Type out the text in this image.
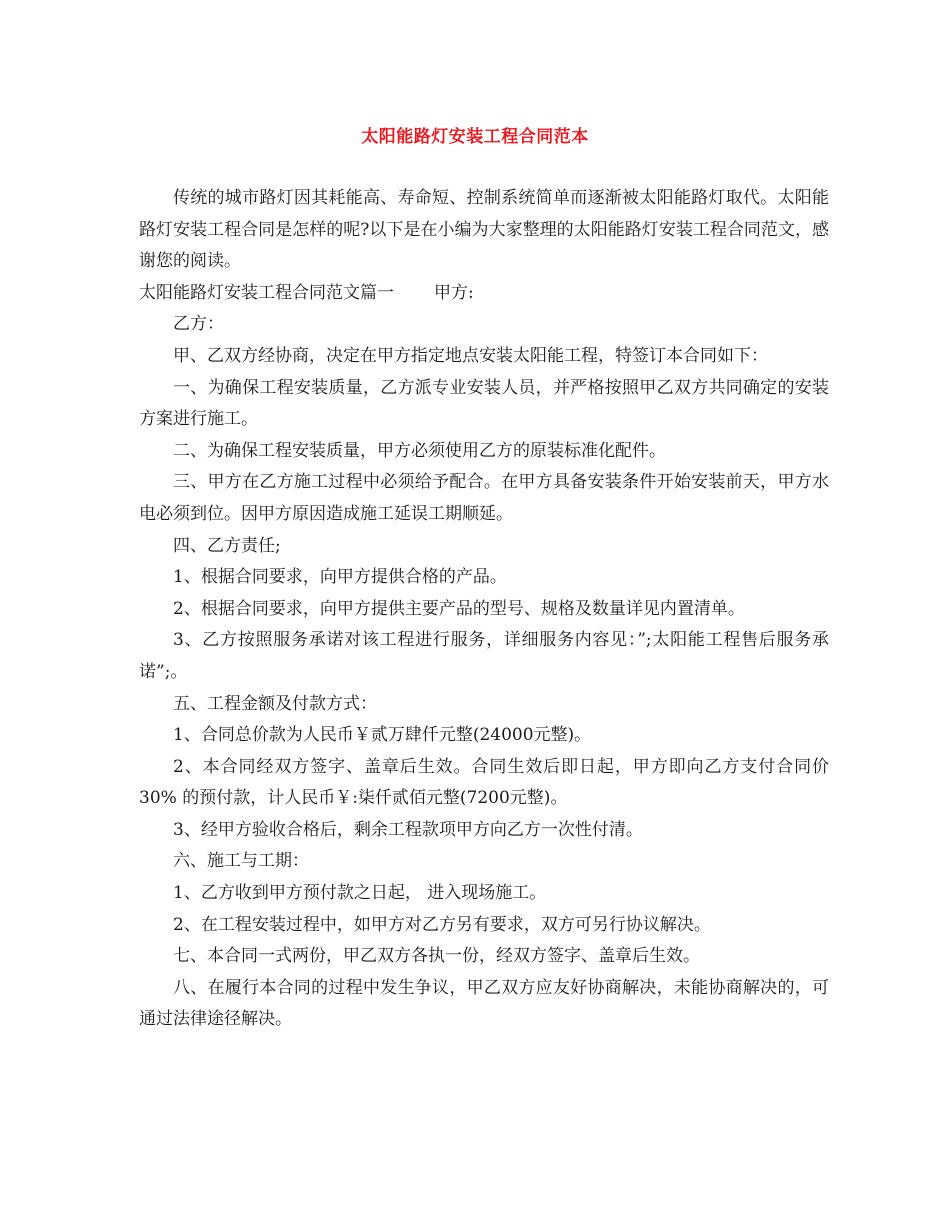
太阳能路灯安装工程合同范本

传统的城市路灯因其耗能高、寿命短、控制系统简单而逐渐被太阳能路灯取代。太阳能路灯安装工程合同是怎样的呢?以下是在小编为大家整理的太阳能路灯安装工程合同范文，感谢您的阅读。

太阳能路灯安装工程合同范文篇一 甲方:

乙方：

甲、乙双方经协商，决定在甲方指定地点安装太阳能工程，特签订本合同如下：

一、为确保工程安装质量，乙方派专业安装人员，并严格按照甲乙双方共同确定的安装方案进行施工。

二、为确保工程安装质量，甲方必须使用乙方的原装标准化配件。

三、甲方在乙方施工过程中必须给予配合。在甲方具备安装条件开始安装前天，甲方水电必须到位。因甲方原因造成施工延误工期顺延。

四、乙方责任;

1、根据合同要求，向甲方提供合格的产品。

2、根据合同要求，向甲方提供主要产品的型号、规格及数量详见内置清单。

3、乙方按照服务承诺对该工程进行服务，详细服务内容见：”;太阳能工程售后服务承诺”;。

五、工程金额及付款方式：

1、合同总价款为人民币￥贰万肆仟元整(24000元整)。

2、本合同经双方签字、盖章后生效。合同生效后即日起，甲方即向乙方支付合同价30% 的预付款，计人民币￥:柒仟贰佰元整(7200元整)。

3、经甲方验收合格后，剩余工程款项甲方向乙方一次性付清。

六、施工与工期：

1、乙方收到甲方预付款之日起， 进入现场施工。

2、在工程安装过程中，如甲方对乙方另有要求，双方可另行协议解决。

七、本合同一式两份，甲乙双方各执一份，经双方签字、盖章后生效。

八、在履行本合同的过程中发生争议，甲乙双方应友好协商解决，未能协商解决的，可通过法律途径解决。
